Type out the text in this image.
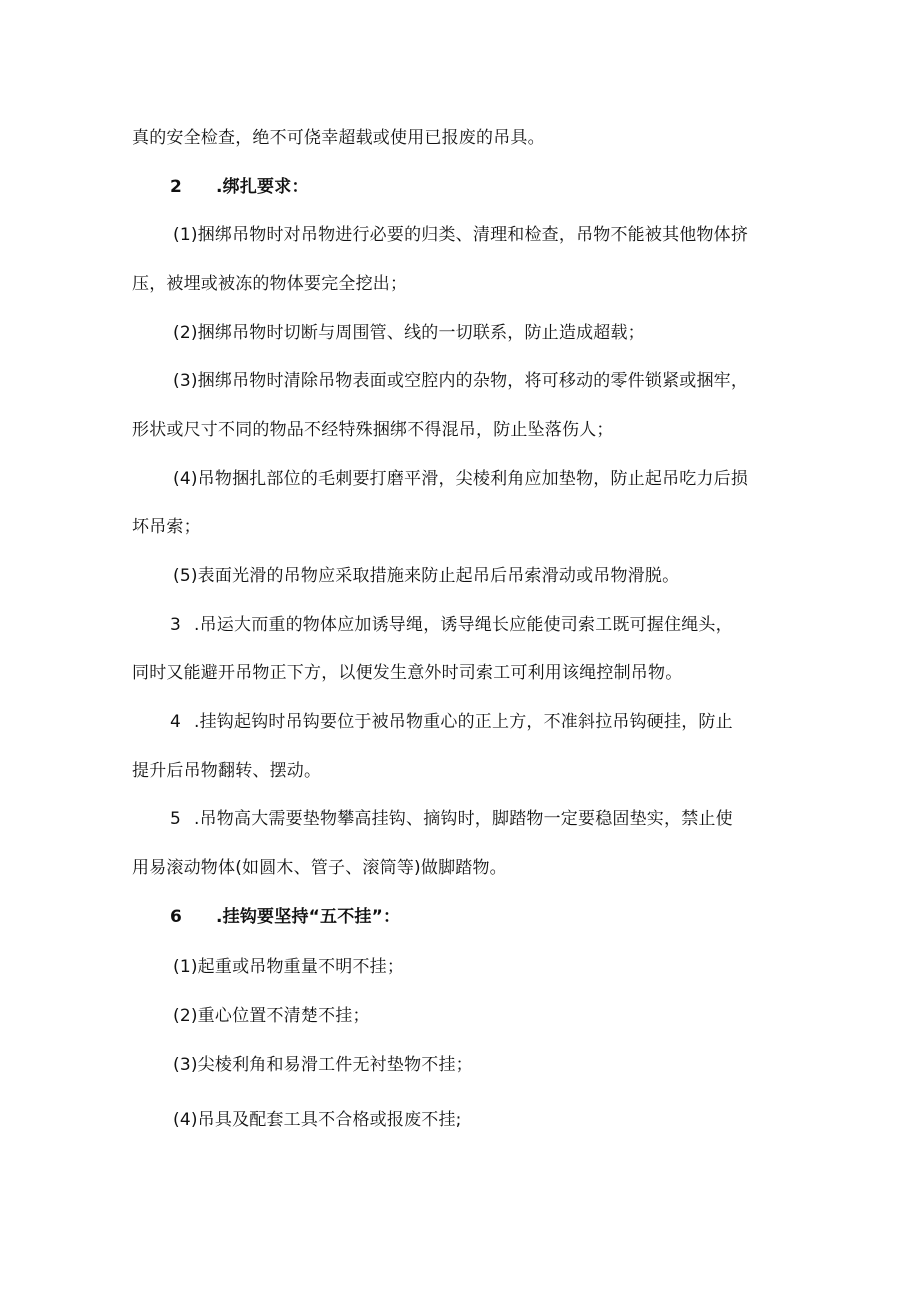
真的安全检查，绝不可侥幸超载或使用已报废的吊具。
2 .绑扎要求：
(1)捆绑吊物时对吊物进行必要的归类、清理和检查，吊物不能被其他物体挤
压，被埋或被冻的物体要完全挖出；
(2)捆绑吊物时切断与周围管、线的一切联系，防止造成超载；
(3)捆绑吊物时清除吊物表面或空腔内的杂物，将可移动的零件锁紧或捆牢，
形状或尺寸不同的物品不经特殊捆绑不得混吊，防止坠落伤人；
(4)吊物捆扎部位的毛刺要打磨平滑，尖棱利角应加垫物，防止起吊吃力后损
坏吊索；
(5)表面光滑的吊物应采取措施来防止起吊后吊索滑动或吊物滑脱。
3 .吊运大而重的物体应加诱导绳，诱导绳长应能使司索工既可握住绳头，
同时又能避开吊物正下方，以便发生意外时司索工可利用该绳控制吊物。
4 .挂钩起钩时吊钩要位于被吊物重心的正上方，不准斜拉吊钩硬挂，防止
提升后吊物翻转、摆动。
5 .吊物高大需要垫物攀高挂钩、摘钩时，脚踏物一定要稳固垫实，禁止使
用易滚动物体(如圆木、管子、滚筒等)做脚踏物。
6 .挂钩要坚持“五不挂”：
(1)起重或吊物重量不明不挂；
(2)重心位置不清楚不挂；
(3)尖棱利角和易滑工件无衬垫物不挂；
(4)吊具及配套工具不合格或报废不挂;
